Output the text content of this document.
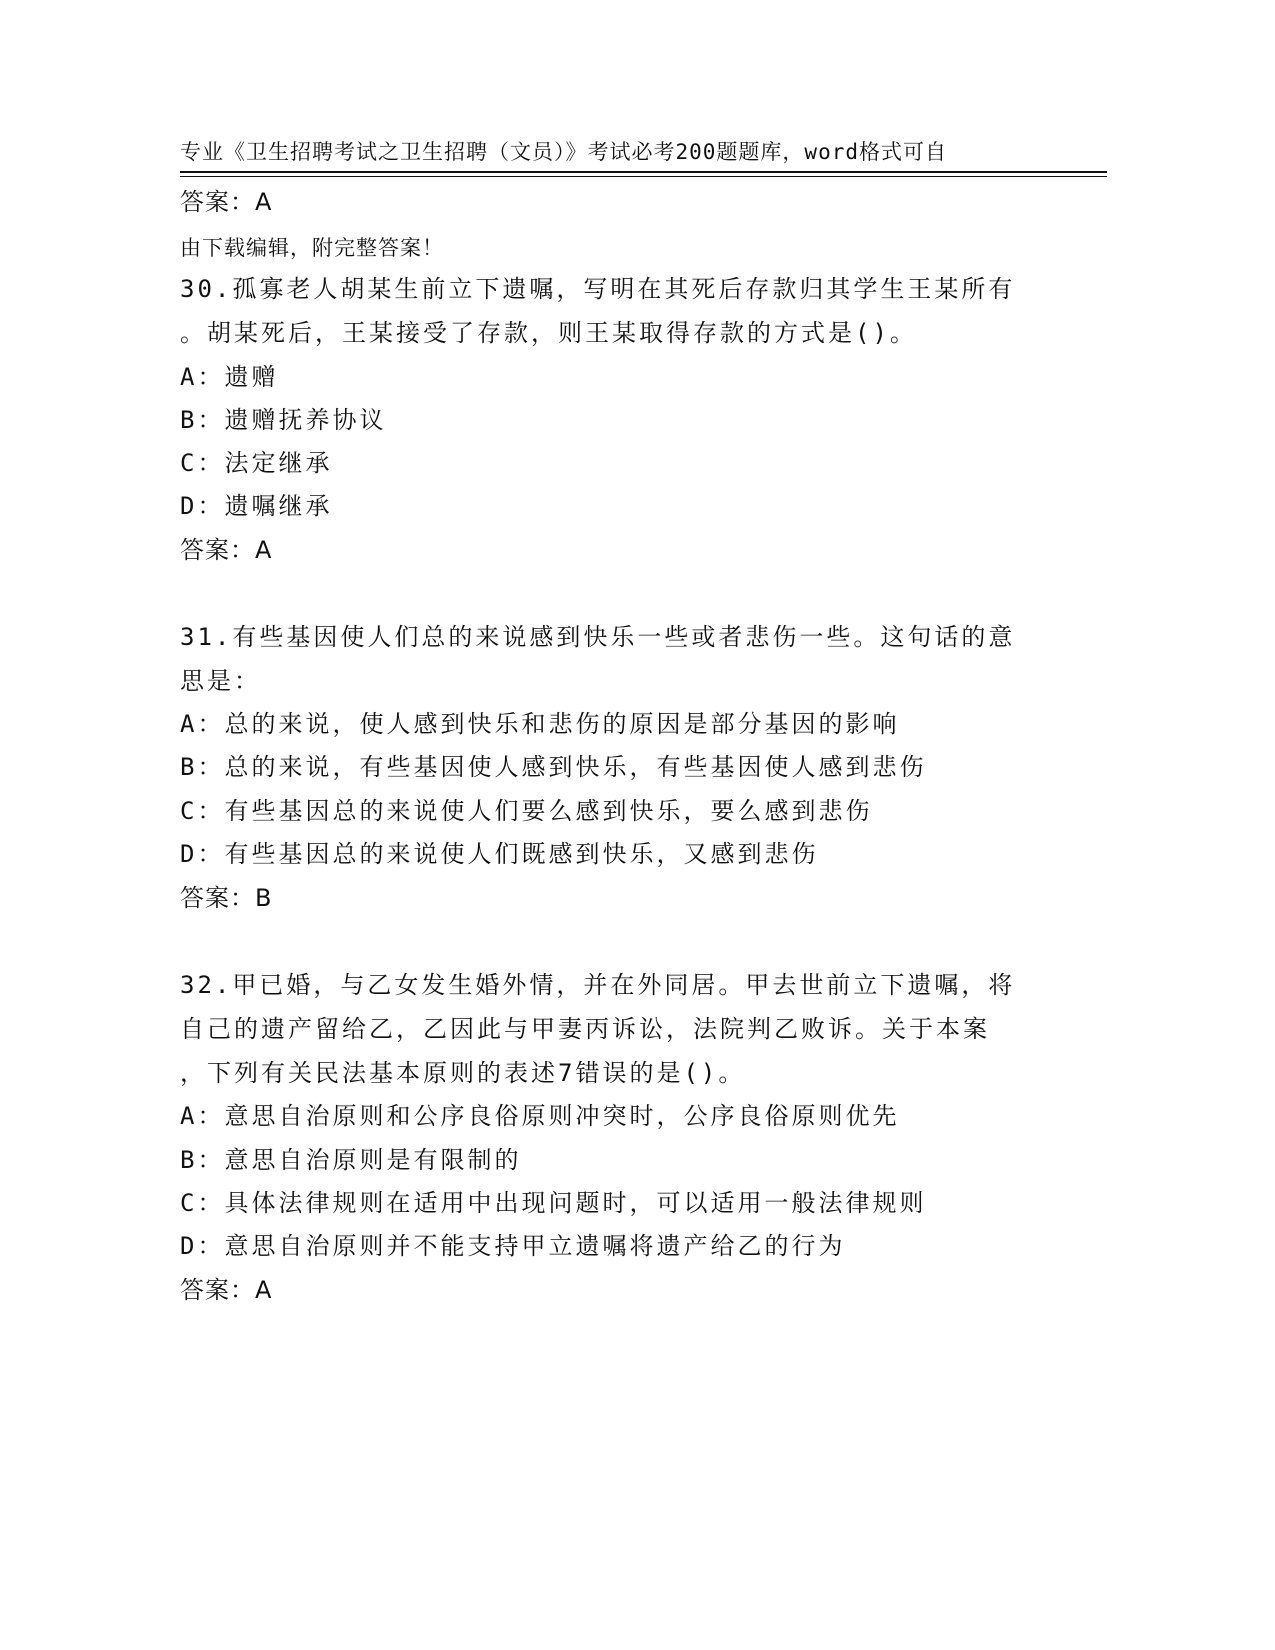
专业《卫生招聘考试之卫生招聘（文员）》考试必考200题题库，word格式可自

由下载编辑，附完整答案！

答案：A
30.孤寡老人胡某生前立下遗嘱，写明在其死后存款归其学生王某所有
。胡某死后，王某接受了存款，则王某取得存款的方式是()。
A：遗赠
B：遗赠抚养协议
C：法定继承
D：遗嘱继承
答案：A
31.有些基因使人们总的来说感到快乐一些或者悲伤一些。这句话的意
思是：
A：总的来说，使人感到快乐和悲伤的原因是部分基因的影响
B：总的来说，有些基因使人感到快乐，有些基因使人感到悲伤
C：有些基因总的来说使人们要么感到快乐，要么感到悲伤
D：有些基因总的来说使人们既感到快乐，又感到悲伤
答案：B
32.甲已婚，与乙女发生婚外情，并在外同居。甲去世前立下遗嘱，将
自己的遗产留给乙，乙因此与甲妻丙诉讼，法院判乙败诉。关于本案
，下列有关民法基本原则的表述7错误的是()。
A：意思自治原则和公序良俗原则冲突时，公序良俗原则优先
B：意思自治原则是有限制的
C：具体法律规则在适用中出现问题时，可以适用一般法律规则
D：意思自治原则并不能支持甲立遗嘱将遗产给乙的行为
答案：A
